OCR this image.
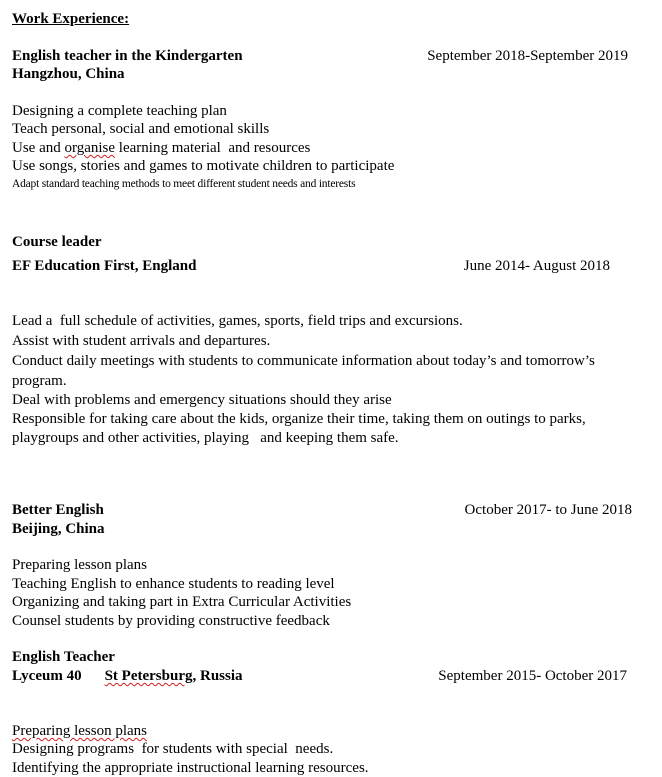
Work Experience:
English teacher in the Kindergarten	September 2018-September 2019
Hangzhou, China
Designing a complete teaching plan
Teach personal, social and emotional skills
Use and organise learning material  and resources
Use songs, stories and games to motivate children to participate
Adapt standard teaching methods to meet different student needs and interests
Course leader
EF Education First, England	June 2014- August 2018
Lead a  full schedule of activities, games, sports, field trips and excursions.
Assist with student arrivals and departures.
Conduct daily meetings with students to communicate information about today’s and tomorrow’s
program.
Deal with problems and emergency situations should they arise
Responsible for taking care about the kids, organize their time, taking them on outings to parks,
playgroups and other activities, playing   and keeping them safe.
Better English	October 2017- to June 2018
Beijing, China
Preparing lesson plans
Teaching English to enhance students to reading level
Organizing and taking part in Extra Curricular Activities
Counsel students by providing constructive feedback
English Teacher
Lyceum 40 St Petersburg, Russia	September 2015- October 2017
Preparing lesson plans
Designing programs  for students with special  needs.
Identifying the appropriate instructional learning resources.
